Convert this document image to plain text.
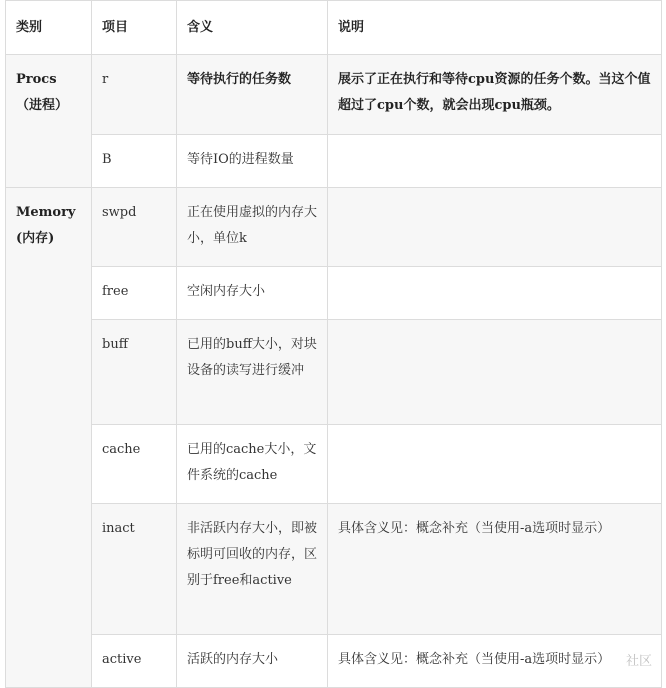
类别	项目	含义	说明

Procs
（进程）	r	等待执行的任务数	展示了正在执行和等待cpu资源的任务个数。当这个值超过了cpu个数，就会出现cpu瓶颈。
	B	等待IO的进程数量	

Memory
(内存)	swpd	正在使用虚拟的内存大小，单位k	
	free	空闲内存大小	
	buff	已用的buff大小，对块设备的读写进行缓冲	
	cache	已用的cache大小，文件系统的cache	
	inact	非活跃内存大小，即被标明可回收的内存，区别于free和active	具体含义见：概念补充（当使用-a选项时显示）
	active	活跃的内存大小	具体含义见：概念补充（当使用-a选项时显示） 社区
